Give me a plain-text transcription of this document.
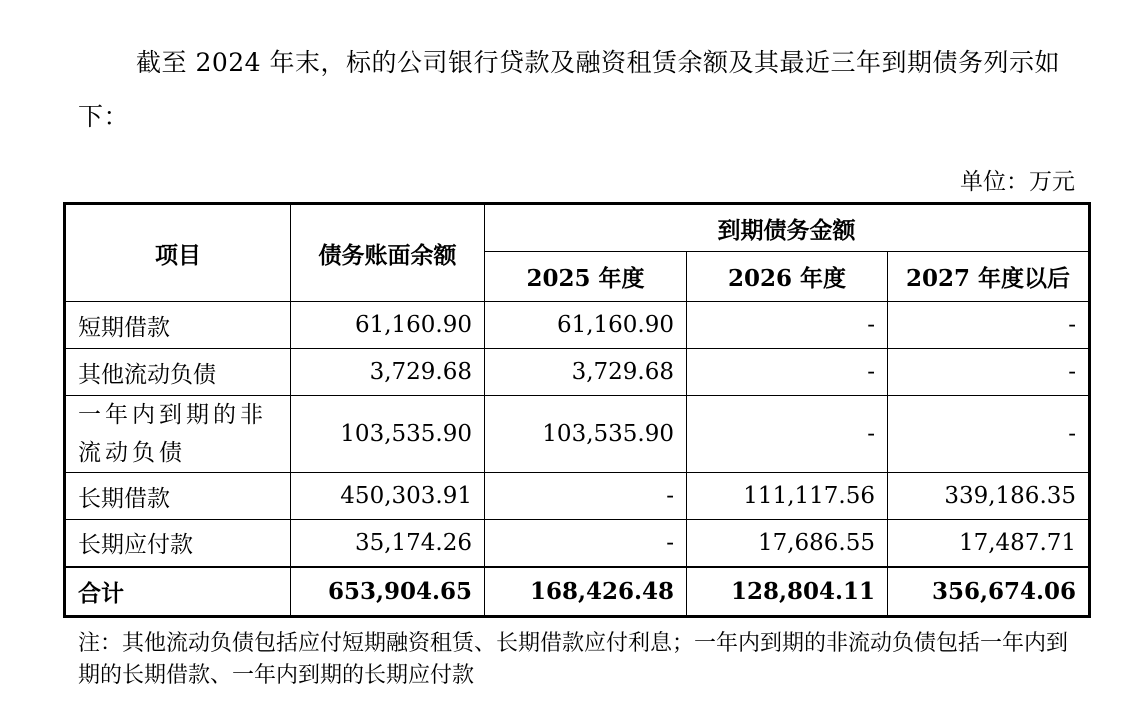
截至 2024 年末，标的公司银行贷款及融资租赁余额及其最近三年到期债务列示如下：

单位：万元
项目	债务账面余额	到期债务金额		
		2025 年度	2026 年度	2027 年度以后
短期借款	61,160.90	61,160.90	-	-
其他流动负债	3,729.68	3,729.68	-	-
一年内到期的非流动负债	103,535.90	103,535.90	-	-
长期借款	450,303.91	-	111,117.56	339,186.35
长期应付款	35,174.26	-	17,686.55	17,487.71
合计	653,904.65	168,426.48	128,804.11	356,674.06

注：其他流动负债包括应付短期融资租赁、长期借款应付利息；一年内到期的非流动负债包括一年内到期的长期借款、一年内到期的长期应付款
